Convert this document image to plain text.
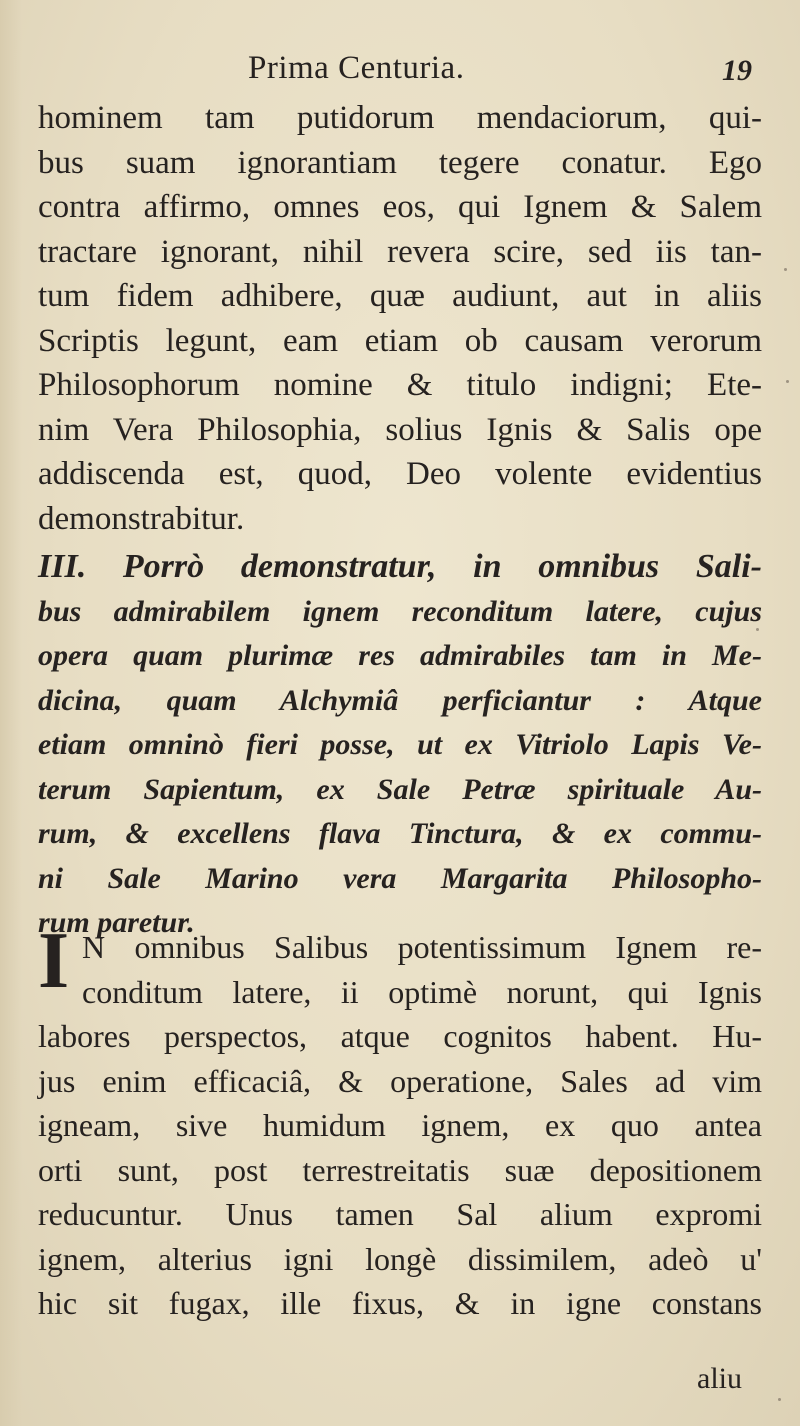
Prima Centuria.	19
hominem tam putidorum mendaciorum, qui-
bus suam ignorantiam tegere conatur. Ego
contra affirmo, omnes eos, qui Ignem & Salem
tractare ignorant, nihil revera scire, sed iis tan-
tum fidem adhibere, quæ audiunt, aut in aliis
Scriptis legunt, eam etiam ob causam verorum
Philosophorum nomine & titulo indigni; Ete-
nim Vera Philosophia, solius Ignis & Salis ope
addiscenda est, quod, Deo volente evidentius
demonstrabitur.
III. Porrò demonstratur, in omnibus Sali-
bus admirabilem ignem reconditum latere, cujus
opera quam plurimæ res admirabiles tam in Me-
dicina, quam Alchymiâ perficiantur : Atque
etiam omninò fieri posse, ut ex Vitriolo Lapis Ve-
terum Sapientum, ex Sale Petræ spirituale Au-
rum, & excellens flava Tinctura, & ex commu-
ni Sale Marino vera Margarita Philosopho-
rum paretur.
I N omnibus Salibus potentissimum Ignem re-
conditum latere, ii optimè norunt, qui Ignis
labores perspectos, atque cognitos habent. Hu-
jus enim efficaciâ, & operatione, Sales ad vim
igneam, sive humidum ignem, ex quo antea
orti sunt, post terrestreitatis suæ depositionem
reducuntur. Unus tamen Sal alium expromi
ignem, alterius igni longè dissimilem, adeò u'
hic sit fugax, ille fixus, & in igne constans
aliu
